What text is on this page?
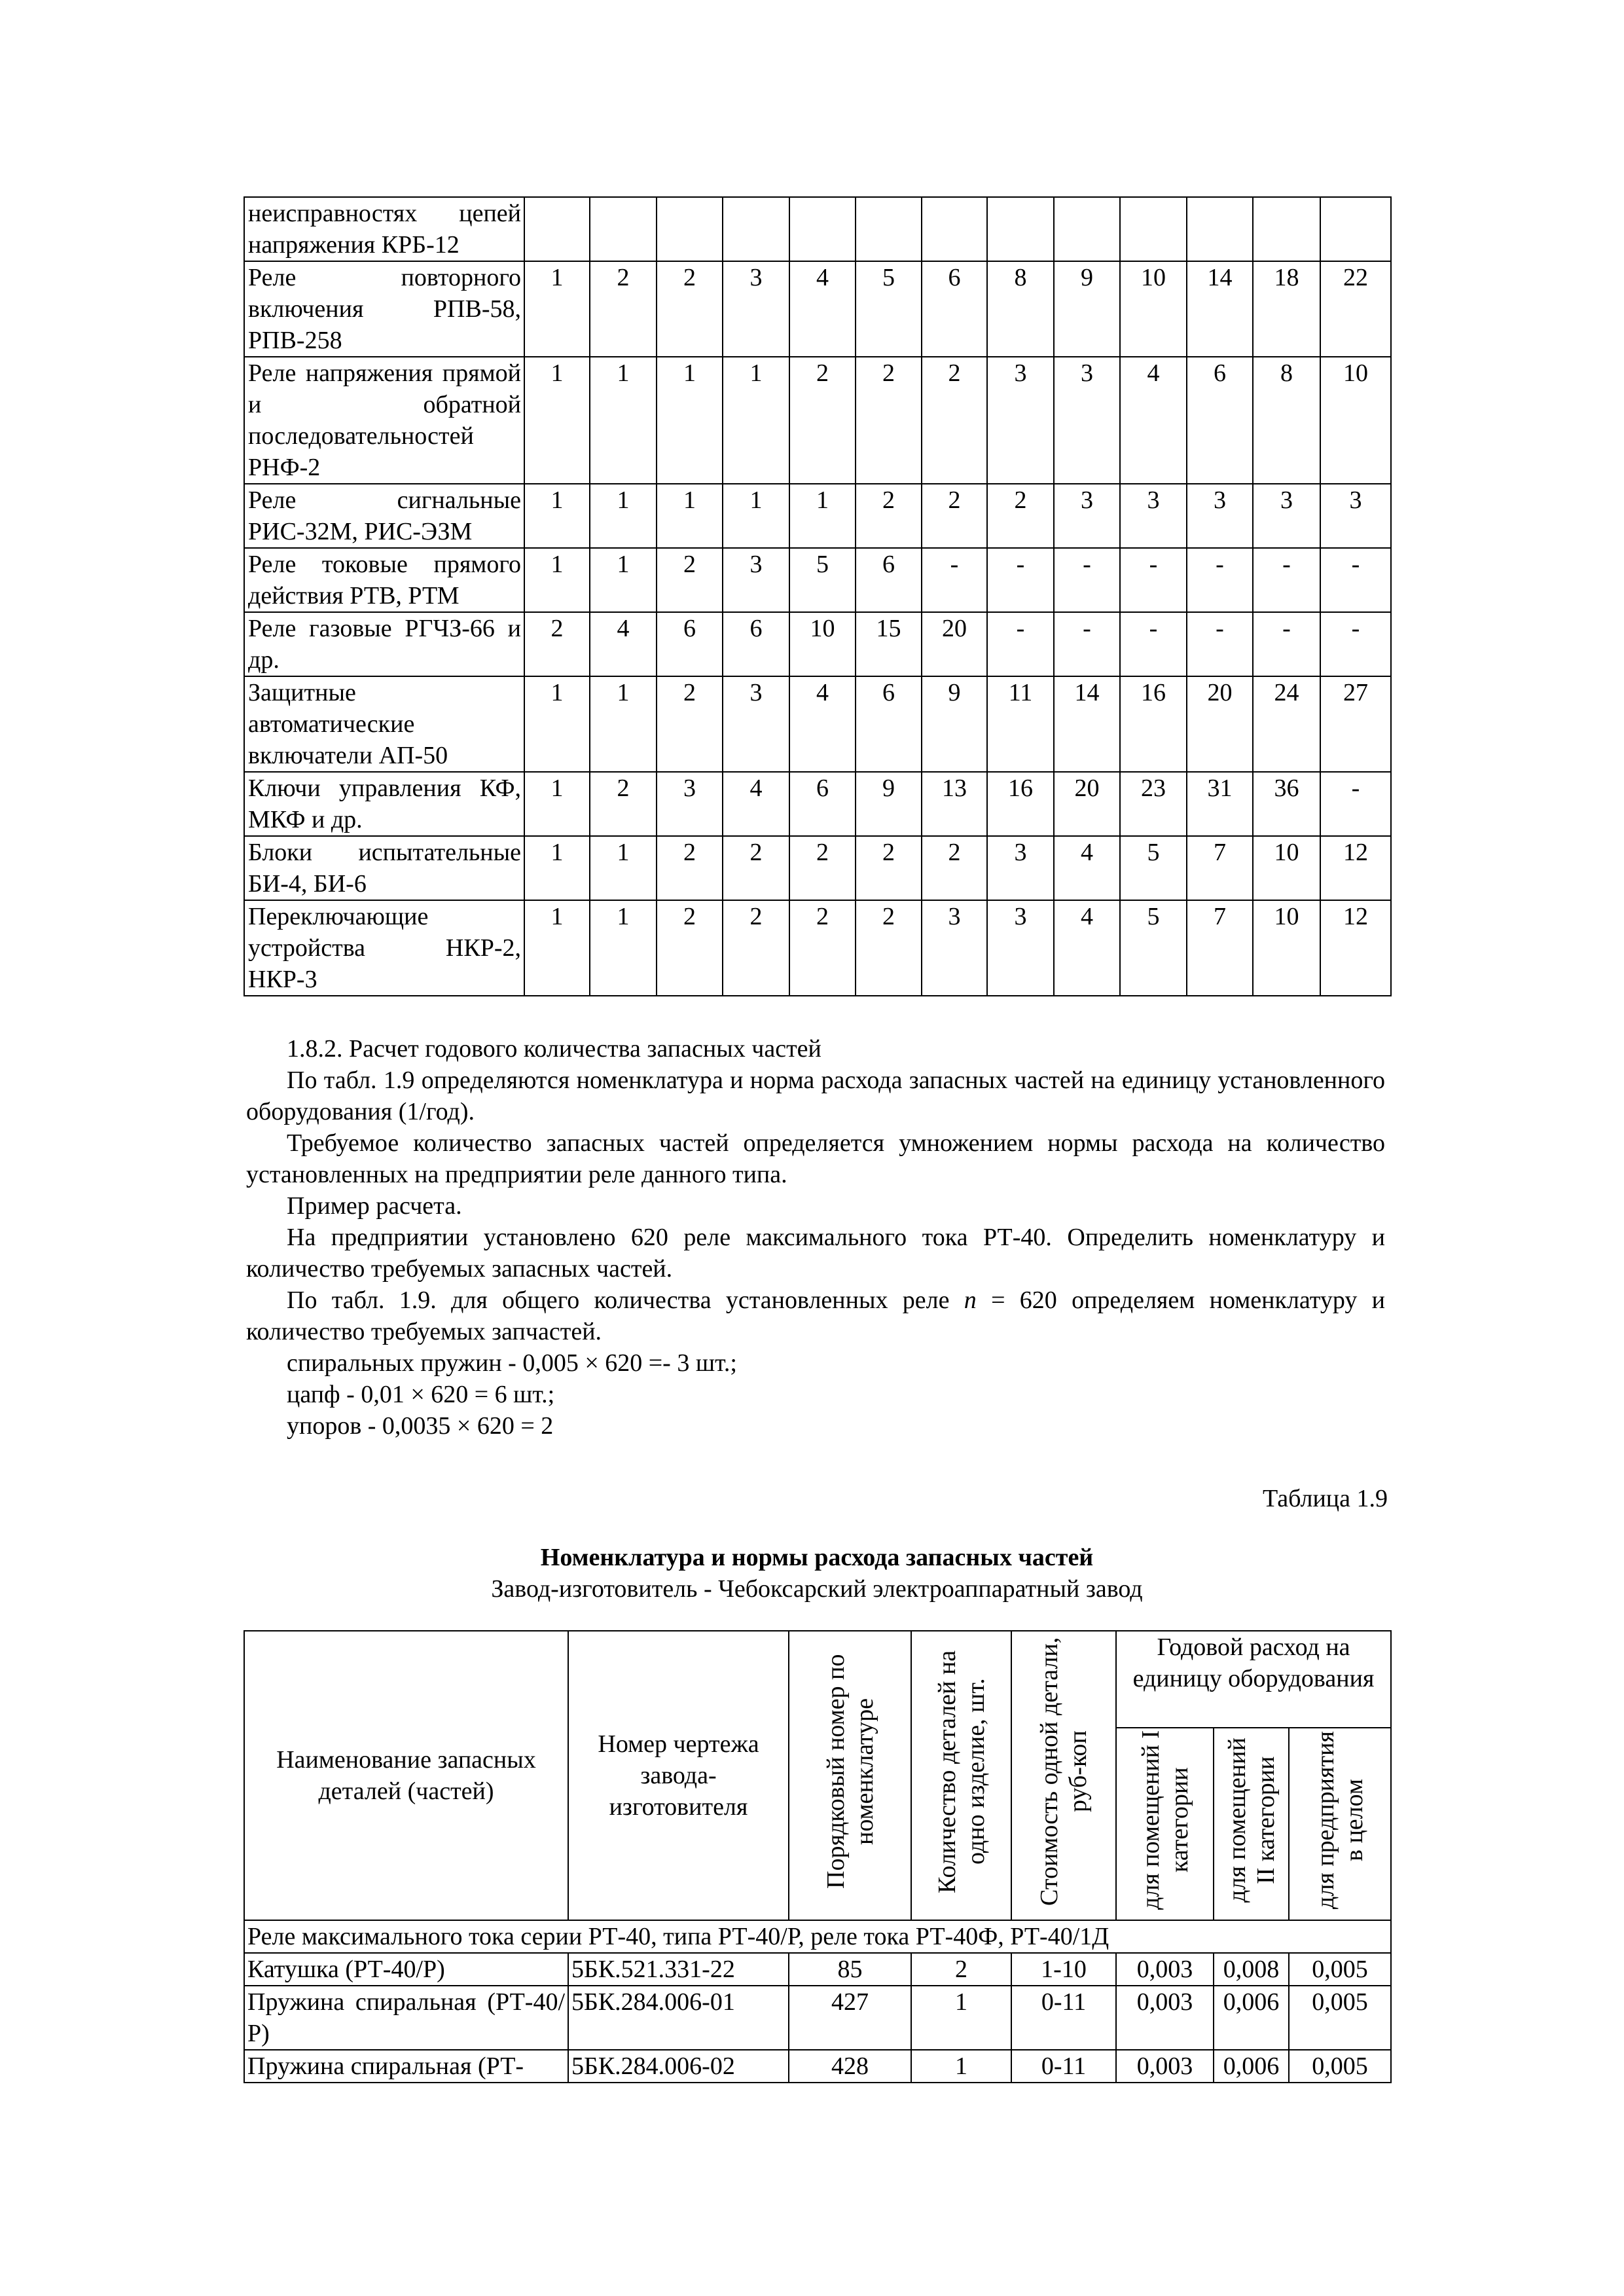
неисправностях цепей напряжения КРБ-12													
Реле повторного включения РПВ-58, РПВ-258	1	2	2	3	4	5	6	8	9	10	14	18	22
Реле напряжения прямой и обратной последовательностей РНФ-2	1	1	1	1	2	2	2	3	3	4	6	8	10
Реле сигнальные РИС-32М, РИС-ЭЗМ	1	1	1	1	1	2	2	2	3	3	3	3	3
Реле токовые прямого действия РТВ, РТМ	1	1	2	3	5	6	-	-	-	-	-	-	-
Реле газовые РГЧЗ-66 и др.	2	4	6	6	10	15	20	-	-	-	-	-	-
Защитные автоматические включатели АП-50	1	1	2	3	4	6	9	11	14	16	20	24	27
Ключи управления КФ, МКФ и др.	1	2	3	4	6	9	13	16	20	23	31	36	-
Блоки испытательные БИ-4, БИ-6	1	1	2	2	2	2	2	3	4	5	7	10	12
Переключающие устройства НКР-2, НКР-3	1	1	2	2	2	2	3	3	4	5	7	10	12

1.8.2. Расчет годового количества запасных частей

По табл. 1.9 определяются номенклатура и норма расхода запасных частей на единицу установленного оборудования (1/год).

Требуемое количество запасных частей определяется умножением нормы расхода на количество установленных на предприятии реле данного типа.

Пример расчета.

На предприятии установлено 620 реле максимального тока РТ-40. Определить номенклатуру и количество требуемых запасных частей.

По табл. 1.9. для общего количества установленных реле n = 620 определяем номенклатуру и количество требуемых запчастей.

спиральных пружин - 0,005 × 620 =- 3 шт.;

цапф - 0,01 × 620 = 6 шт.;

упоров - 0,0035 × 620 = 2

Таблица 1.9
Номенклатура и нормы расхода запасных частей
Завод-изготовитель - Чебоксарский электроаппаратный завод
Наименование запасных деталей (частей)	Номер чертежа завода-изготовителя	Порядковый номер по номенклатуре	Количество деталей на одно изделие, шт.	Стоимость одной детали, руб-коп	Годовой расход на единицу оборудования		
					для помещений I категории	для помещений II категории	для предприятия в целом
Реле максимального тока серии РТ-40, типа РТ-40/Р, реле тока РТ-40Ф, РТ-40/1Д							
Катушка (РТ-40/Р)	5БК.521.331-22	85	2	1-10	0,003	0,008	0,005
Пружина спиральная (РТ-40/Р)	5БК.284.006-01	427	1	0-11	0,003	0,006	0,005
Пружина спиральная (РТ-	5БК.284.006-02	428	1	0-11	0,003	0,006	0,005
